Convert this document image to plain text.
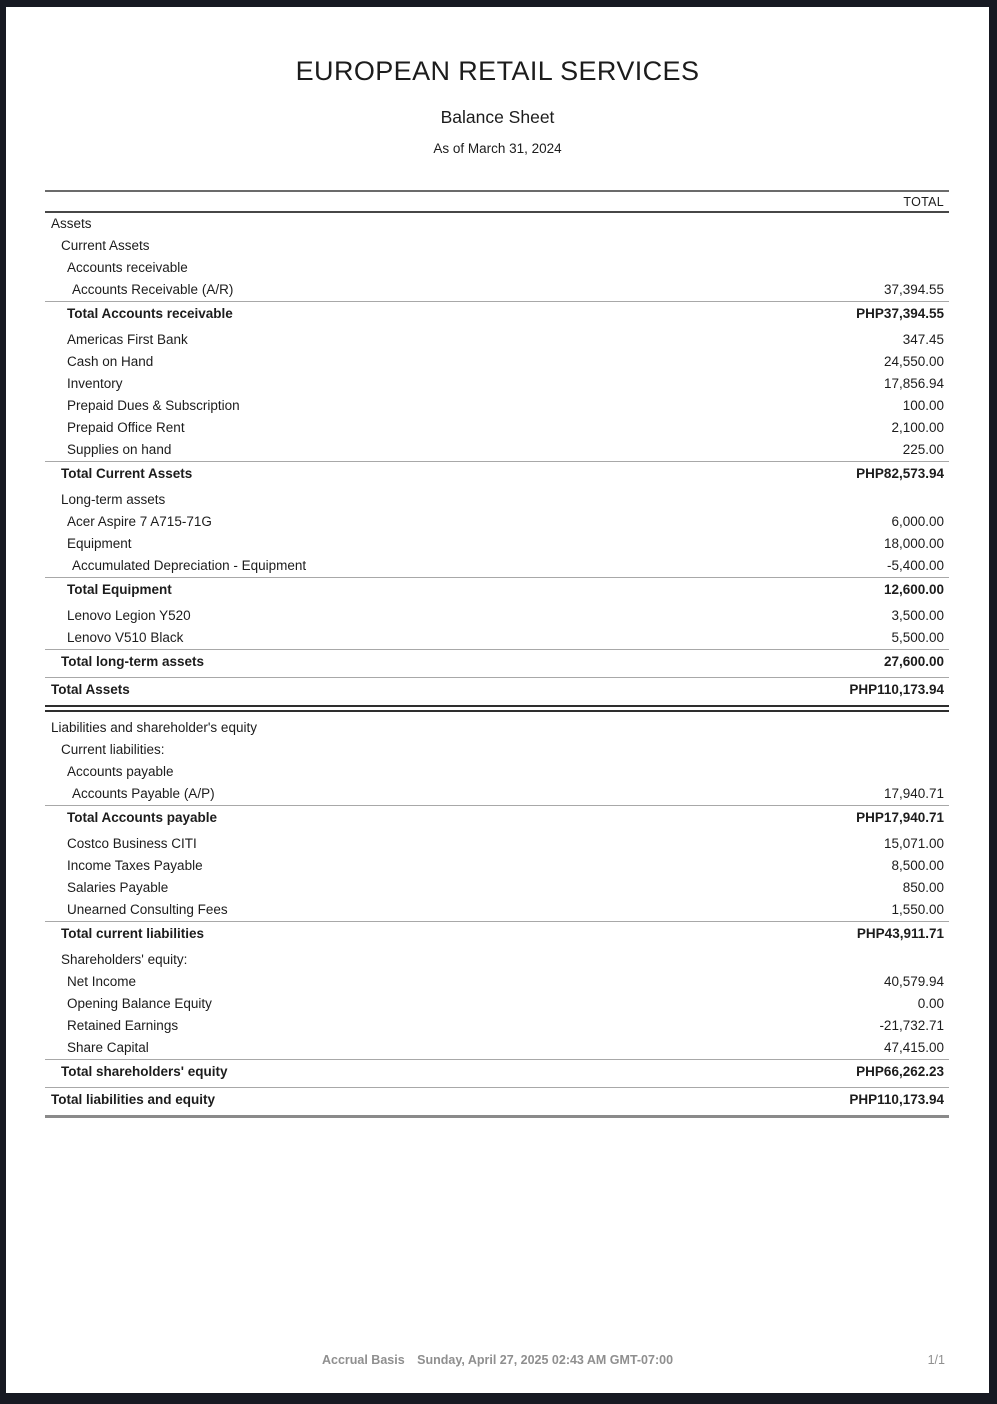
EUROPEAN RETAIL SERVICES
Balance Sheet
As of March 31, 2024
TOTAL
Assets
Current Assets
Accounts receivable
Accounts Receivable (A/R)	37,394.55
Total Accounts receivable	PHP37,394.55
Americas First Bank	347.45
Cash on Hand	24,550.00
Inventory	17,856.94
Prepaid Dues & Subscription	100.00
Prepaid Office Rent	2,100.00
Supplies on hand	225.00
Total Current Assets	PHP82,573.94
Long-term assets
Acer Aspire 7 A715-71G	6,000.00
Equipment	18,000.00
Accumulated Depreciation - Equipment	-5,400.00
Total Equipment	12,600.00
Lenovo Legion Y520	3,500.00
Lenovo V510 Black	5,500.00
Total long-term assets	27,600.00
Total Assets	PHP110,173.94
Liabilities and shareholder's equity
Current liabilities:
Accounts payable
Accounts Payable (A/P)	17,940.71
Total Accounts payable	PHP17,940.71
Costco Business CITI	15,071.00
Income Taxes Payable	8,500.00
Salaries Payable	850.00
Unearned Consulting Fees	1,550.00
Total current liabilities	PHP43,911.71
Shareholders' equity:
Net Income	40,579.94
Opening Balance Equity	0.00
Retained Earnings	-21,732.71
Share Capital	47,415.00
Total shareholders' equity	PHP66,262.23
Total liabilities and equity	PHP110,173.94
Accrual Basis Sunday, April 27, 2025 02:43 AM GMT-07:00	1/1
